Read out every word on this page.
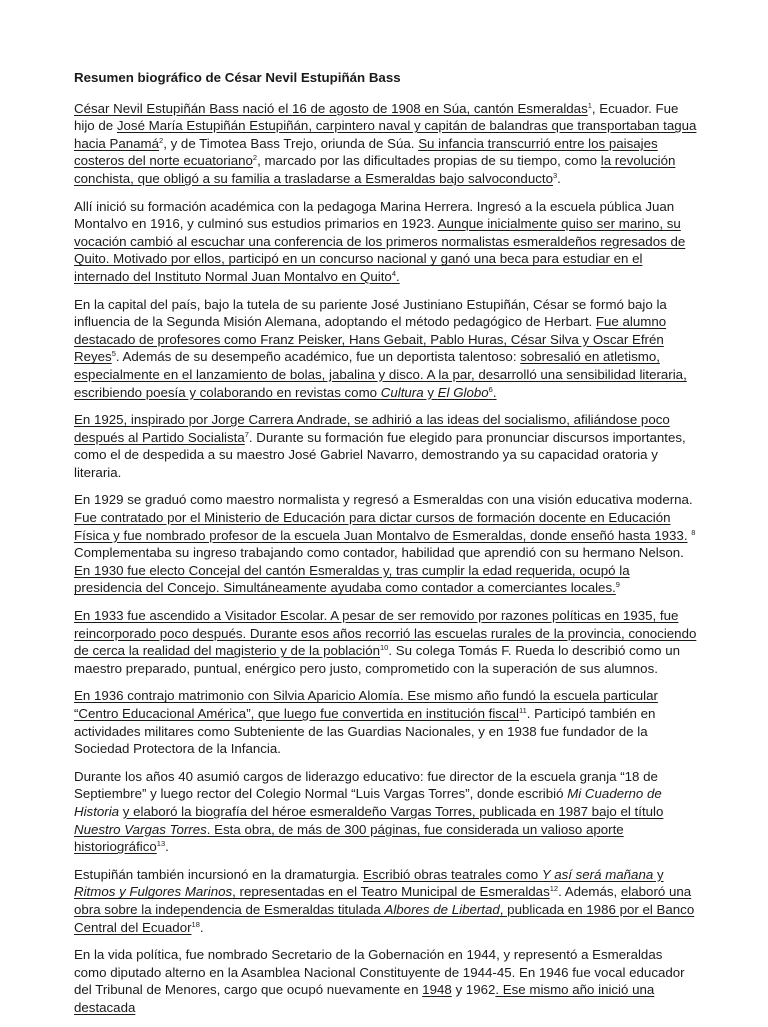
Resumen biográfico de César Nevil Estupiñán Bass

César Nevil Estupiñán Bass nació el 16 de agosto de 1908 en Súa, cantón Esmeraldas$^1$, Ecuador. Fue hijo de José María Estupiñán Estupiñán, carpintero naval y capitán de balandras que transportaban tagua hacia Panamá$^2$, y de Timotea Bass Trejo, oriunda de Súa. Su infancia transcurrió entre los paisajes costeros del norte ecuatoriano$^2$, marcado por las dificultades propias de su tiempo, como la revolución conchista, que obligó a su familia a trasladarse a Esmeraldas bajo salvoconducto$^3$.

Allí inició su formación académica con la pedagoga Marina Herrera. Ingresó a la escuela pública Juan Montalvo en 1916, y culminó sus estudios primarios en 1923. Aunque inicialmente quiso ser marino, su vocación cambió al escuchar una conferencia de los primeros normalistas esmeraldeños regresados de Quito. Motivado por ellos, participó en un concurso nacional y ganó una beca para estudiar en el internado del Instituto Normal Juan Montalvo en Quito$^4$.

En la capital del país, bajo la tutela de su pariente José Justiniano Estupiñán, César se formó bajo la influencia de la Segunda Misión Alemana, adoptando el método pedagógico de Herbart. Fue alumno destacado de profesores como Franz Peisker, Hans Gebait, Pablo Huras, César Silva y Oscar Efrén Reyes$^5$. Además de su desempeño académico, fue un deportista talentoso: sobresalió en atletismo, especialmente en el lanzamiento de bolas, jabalina y disco. A la par, desarrolló una sensibilidad literaria, escribiendo poesía y colaborando en revistas como Cultura y El Globo$^6$.

En 1925, inspirado por Jorge Carrera Andrade, se adhirió a las ideas del socialismo, afiliándose poco después al Partido Socialista$^7$. Durante su formación fue elegido para pronunciar discursos importantes, como el de despedida a su maestro José Gabriel Navarro, demostrando ya su capacidad oratoria y literaria.

En 1929 se graduó como maestro normalista y regresó a Esmeraldas con una visión educativa moderna. Fue contratado por el Ministerio de Educación para dictar cursos de formación docente en Educación Física y fue nombrado profesor de la escuela Juan Montalvo de Esmeraldas, donde enseñó hasta 1933. $^8$ Complementaba su ingreso trabajando como contador, habilidad que aprendió con su hermano Nelson. En 1930 fue electo Concejal del cantón Esmeraldas y, tras cumplir la edad requerida, ocupó la presidencia del Concejo. Simultáneamente ayudaba como contador a comerciantes locales.$^9$

En 1933 fue ascendido a Visitador Escolar. A pesar de ser removido por razones políticas en 1935, fue reincorporado poco después. Durante esos años recorrió las escuelas rurales de la provincia, conociendo de cerca la realidad del magisterio y de la población$^{10}$. Su colega Tomás F. Rueda lo describió como un maestro preparado, puntual, enérgico pero justo, comprometido con la superación de sus alumnos.

En 1936 contrajo matrimonio con Silvia Aparicio Alomía. Ese mismo año fundó la escuela particular “Centro Educacional América”, que luego fue convertida en institución fiscal$^{11}$. Participó también en actividades militares como Subteniente de las Guardias Nacionales, y en 1938 fue fundador de la Sociedad Protectora de la Infancia.

Durante los años 40 asumió cargos de liderazgo educativo: fue director de la escuela granja “18 de Septiembre” y luego rector del Colegio Normal “Luis Vargas Torres”, donde escribió Mi Cuaderno de Historia y elaboró la biografía del héroe esmeraldeño Vargas Torres, publicada en 1987 bajo el título Nuestro Vargas Torres. Esta obra, de más de 300 páginas, fue considerada un valioso aporte historiográfico$^{13}$.

Estupiñán también incursionó en la dramaturgia. Escribió obras teatrales como Y así será mañana y Ritmos y Fulgores Marinos, representadas en el Teatro Municipal de Esmeraldas$^{12}$. Además, elaboró una obra sobre la independencia de Esmeraldas titulada Albores de Libertad, publicada en 1986 por el Banco Central del Ecuador$^{18}$.

En la vida política, fue nombrado Secretario de la Gobernación en 1944, y representó a Esmeraldas como diputado alterno en la Asamblea Nacional Constituyente de 1944-45. En 1946 fue vocal educador del Tribunal de Menores, cargo que ocupó nuevamente en 1948 y 1962. Ese mismo año inició una destacada
